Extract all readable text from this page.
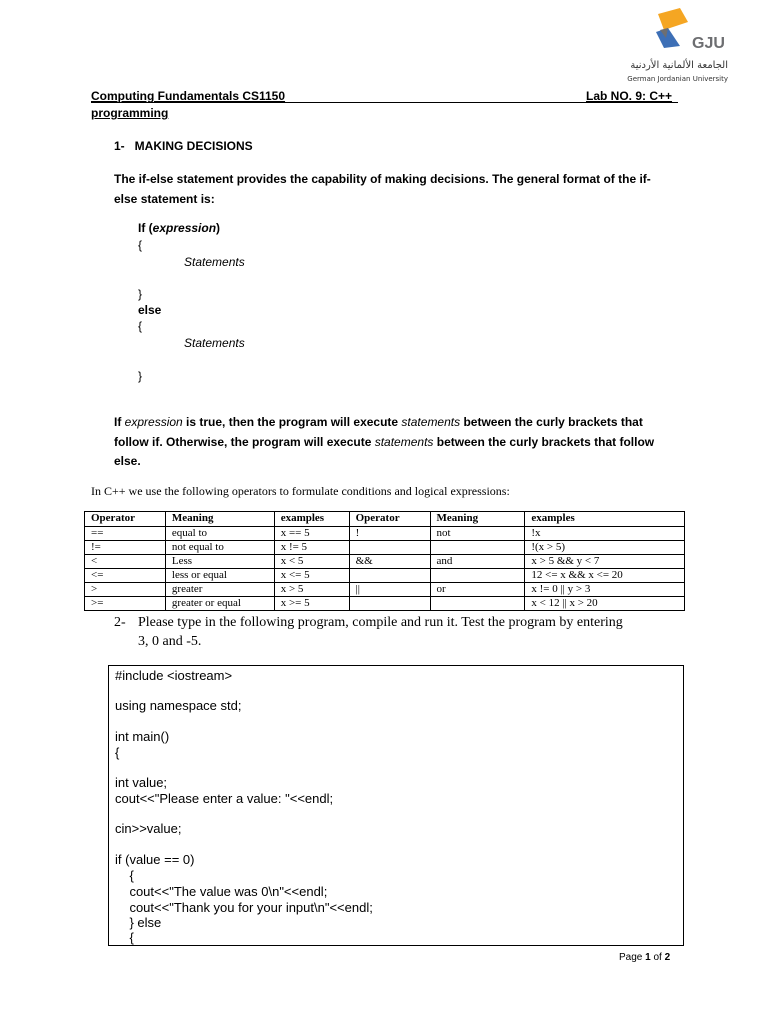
GJU
الجامعة الألمانية الأردنية
German Jordanian University
Computing Fundamentals CS1150	Lab NO. 9: C++
programming
1-   MAKING DECISIONS
The if-else statement provides the capability of making decisions. The general format of the if-
else statement is:
If (expression)
{
Statements
}
else
{
Statements
}
If expression is true, then the program will execute statements between the curly brackets that
follow if. Otherwise, the program will execute statements between the curly brackets that follow
else.
In C++ we use the following operators to formulate conditions and logical expressions:
Operator	Meaning	examples	Operator	Meaning	examples
==	equal to	x == 5	!	not	!x
!=	not equal to	x != 5			!(x > 5)
<	Less	x < 5	&&	and	x > 5 && y < 7
<=	less or equal	x <= 5			12 <= x && x <= 20
>	greater	x > 5	||	or	x != 0 || y > 3
>=	greater or equal	x >= 5			x < 12 || x > 20
2- Please type in the following program, compile and run it. Test the program by entering
3, 0 and -5.
#include <iostream>
using namespace std;
int main()
{
int value;
cout<<"Please enter a value: "<<endl;
cin>>value;
if (value == 0)
{
cout<<"The value was 0\n"<<endl;
cout<<"Thank you for your input\n"<<endl;
} else
{
Page 1 of 2
